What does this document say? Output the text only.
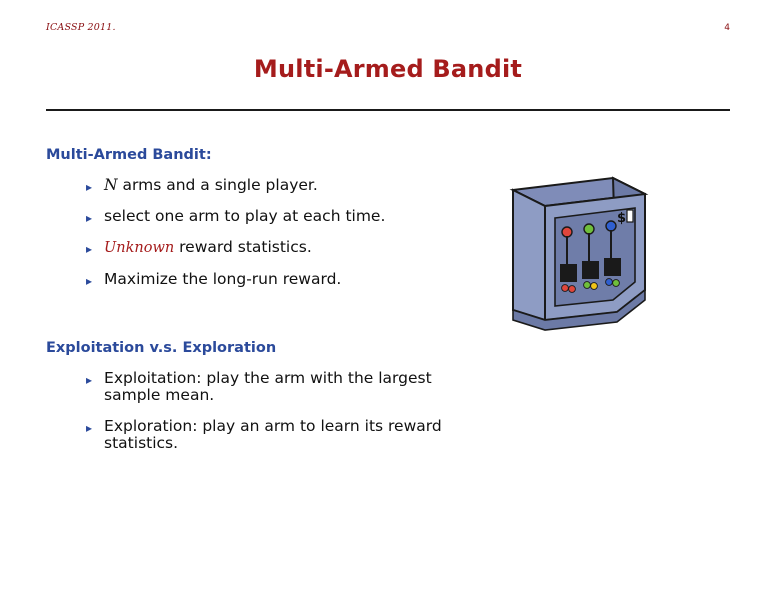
ICASSP 2011.	4
Multi-Armed Bandit
Multi-Armed Bandit:
▸ N arms and a single player.
▸ select one arm to play at each time.
▸ Unknown reward statistics.
▸ Maximize the long-run reward.
Exploitation v.s. Exploration
▸ Exploitation: play the arm with the largest sample mean.
▸ Exploration: play an arm to learn its reward statistics.
$
